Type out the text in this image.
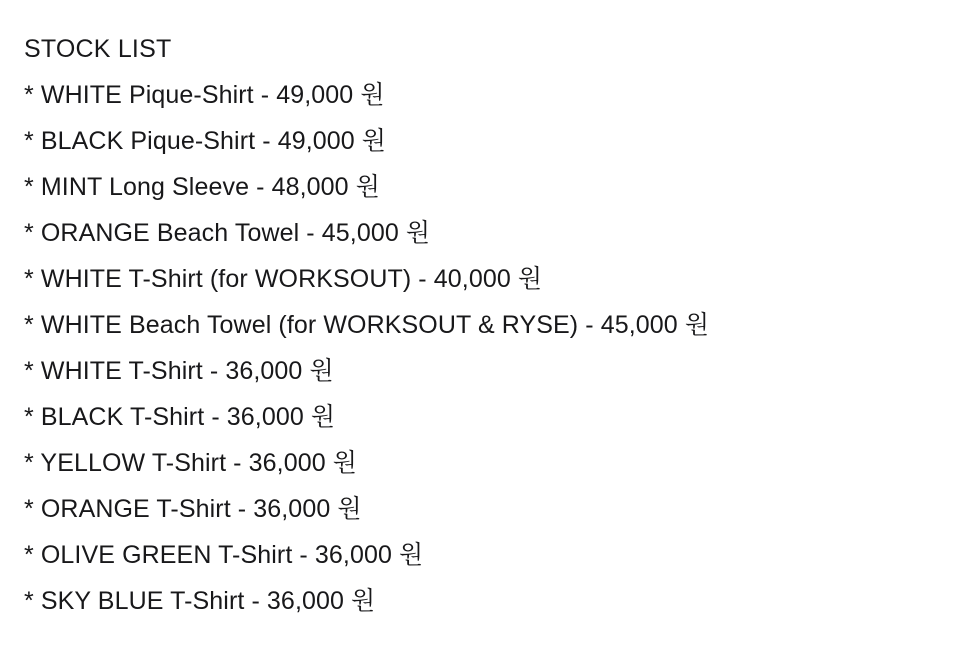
STOCK LIST
* WHITE Pique-Shirt - 49,000 원
* BLACK Pique-Shirt - 49,000 원
* MINT Long Sleeve - 48,000 원
* ORANGE Beach Towel - 45,000 원
* WHITE T-Shirt (for WORKSOUT) - 40,000 원
* WHITE Beach Towel (for WORKSOUT & RYSE) - 45,000 원
* WHITE T-Shirt - 36,000 원
* BLACK T-Shirt - 36,000 원
* YELLOW T-Shirt - 36,000 원
* ORANGE T-Shirt - 36,000 원
* OLIVE GREEN T-Shirt - 36,000 원
* SKY BLUE T-Shirt - 36,000 원
